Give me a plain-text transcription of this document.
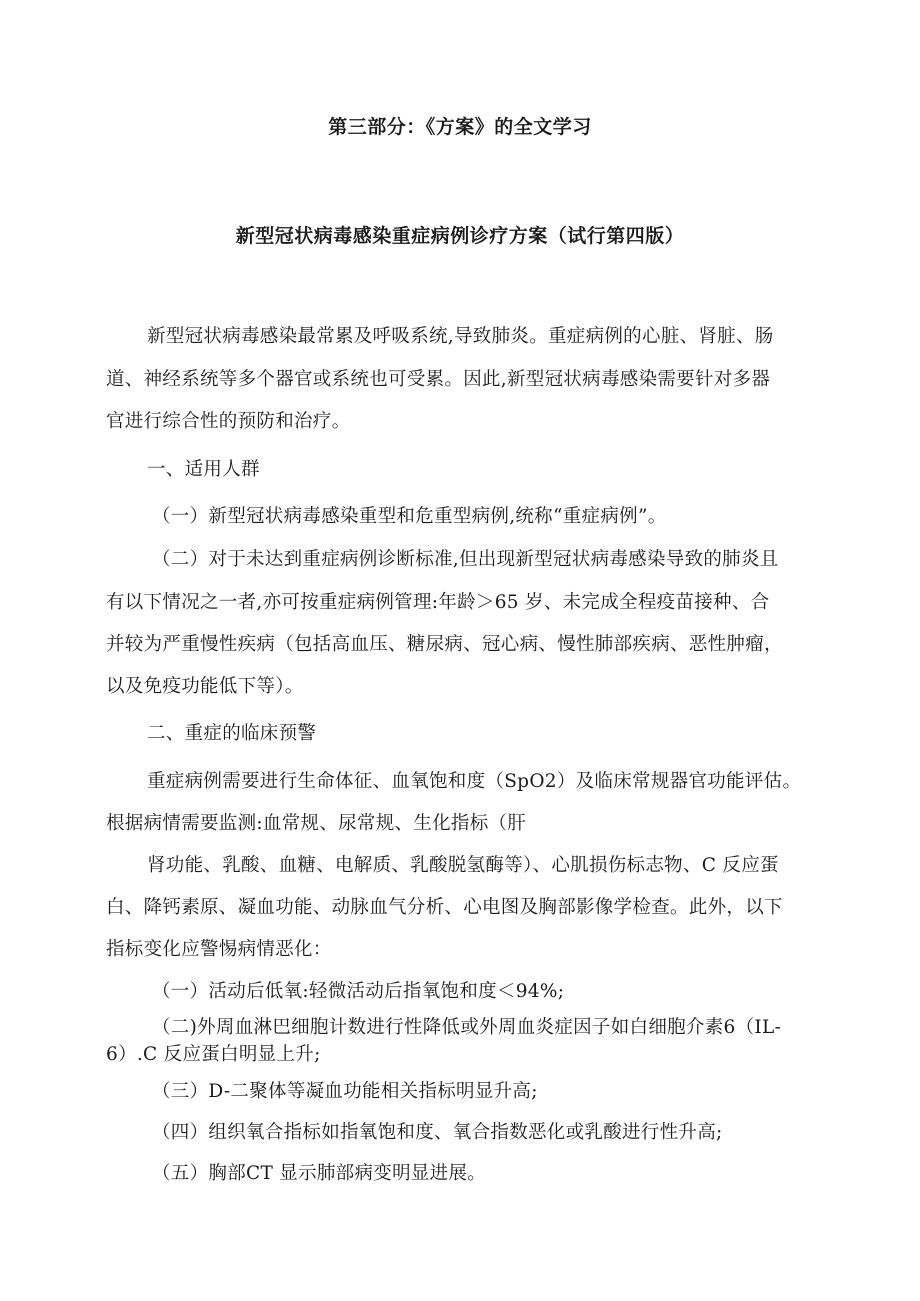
第三部分：《方案》的全文学习
新型冠状病毒感染重症病例诊疗方案（试行第四版）
新型冠状病毒感染最常累及呼吸系统,导致肺炎。重症病例的心脏、肾脏、肠
道、神经系统等多个器官或系统也可受累。因此,新型冠状病毒感染需要针对多器
官进行综合性的预防和治疗。
一、适用人群
（一）新型冠状病毒感染重型和危重型病例,统称“重症病例”。
（二）对于未达到重症病例诊断标准,但出现新型冠状病毒感染导致的肺炎且
有以下情况之一者,亦可按重症病例管理:年龄＞65 岁、未完成全程疫苗接种、合
并较为严重慢性疾病（包括高血压、糖尿病、冠心病、慢性肺部疾病、恶性肿瘤，
以及免疫功能低下等）。
二、重症的临床预警
重症病例需要进行生命体征、血氧饱和度（SpO2）及临床常规器官功能评估。
根据病情需要监测:血常规、尿常规、生化指标（肝
肾功能、乳酸、血糖、电解质、乳酸脱氢酶等）、心肌损伤标志物、C 反应蛋
白、降钙素原、凝血功能、动脉血气分析、心电图及胸部影像学检查。此外，以下
指标变化应警惕病情恶化：
（一）活动后低氧:轻微活动后指氧饱和度＜94%;
（二)外周血淋巴细胞计数进行性降低或外周血炎症因子如白细胞介素6（IL-
6）.C 反应蛋白明显上升;
（三）D-二聚体等凝血功能相关指标明显升高;
（四）组织氧合指标如指氧饱和度、氧合指数恶化或乳酸进行性升高;
（五）胸部CT 显示肺部病变明显进展。
